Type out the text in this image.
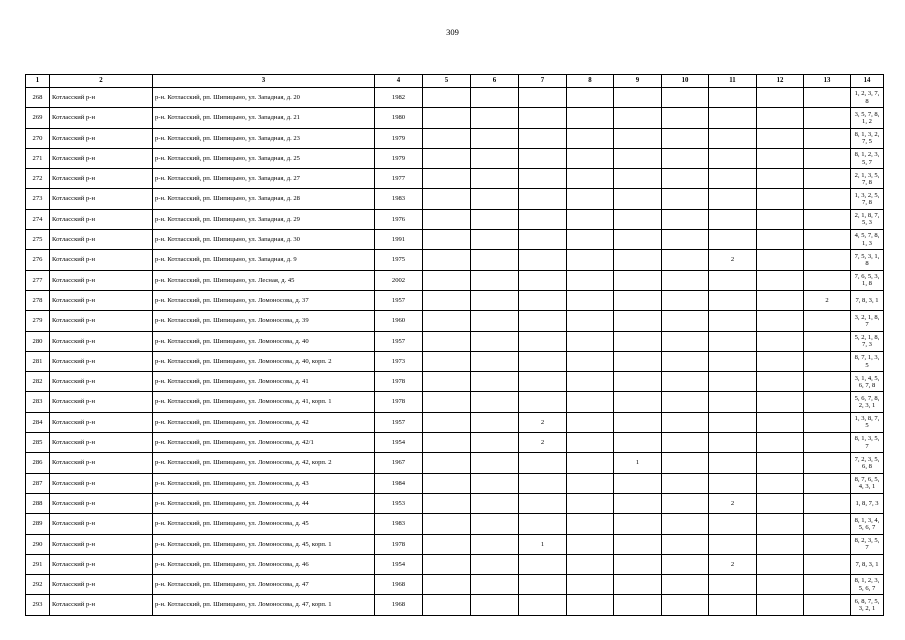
309
1	2	3	4	5	6	7	8	9	10	11	12	13	14
268	Котласский р-н	р-н. Котласский, рп. Шипицыно, ул. Западная, д. 20	1982										1, 2, 3, 7, 8
269	Котласский р-н	р-н. Котласский, рп. Шипицыно, ул. Западная, д. 21	1980										3, 5, 7, 8, 1, 2
270	Котласский р-н	р-н. Котласский, рп. Шипицыно, ул. Западная, д. 23	1979										8, 1, 3, 2, 7, 5
271	Котласский р-н	р-н. Котласский, рп. Шипицыно, ул. Западная, д. 25	1979										8, 1, 2, 3, 5, 7
272	Котласский р-н	р-н. Котласский, рп. Шипицыно, ул. Западная, д. 27	1977										2, 1, 3, 5, 7, 8
273	Котласский р-н	р-н. Котласский, рп. Шипицыно, ул. Западная, д. 28	1983										1, 3, 2, 5, 7, 8
274	Котласский р-н	р-н. Котласский, рп. Шипицыно, ул. Западная, д. 29	1976										2, 1, 8, 7, 5, 3
275	Котласский р-н	р-н. Котласский, рп. Шипицыно, ул. Западная, д. 30	1991										4, 5, 7, 8, 1, 3
276	Котласский р-н	р-н. Котласский, рп. Шипицыно, ул. Западная, д. 9	1975							2			7, 5, 3, 1, 8
277	Котласский р-н	р-н. Котласский, рп. Шипицыно, ул. Лесная, д. 45	2002										7, 6, 5, 3, 1, 8
278	Котласский р-н	р-н. Котласский, рп. Шипицыно, ул. Ломоносова, д. 37	1957									2	7, 8, 3, 1
279	Котласский р-н	р-н. Котласский, рп. Шипицыно, ул. Ломоносова, д. 39	1960										3, 2, 1, 8, 7
280	Котласский р-н	р-н. Котласский, рп. Шипицыно, ул. Ломоносова, д. 40	1957										5, 2, 1, 8, 7, 3
281	Котласский р-н	р-н. Котласский, рп. Шипицыно, ул. Ломоносова, д. 40, корп. 2	1973										8, 7, 1, 3, 5
282	Котласский р-н	р-н. Котласский, рп. Шипицыно, ул. Ломоносова, д. 41	1978										3, 1, 4, 5, 6, 7, 8
283	Котласский р-н	р-н. Котласский, рп. Шипицыно, ул. Ломоносова, д. 41, корп. 1	1978										5, 6, 7, 8, 2, 3, 1
284	Котласский р-н	р-н. Котласский, рп. Шипицыно, ул. Ломоносова, д. 42	1957			2							1, 3, 8, 7, 5
285	Котласский р-н	р-н. Котласский, рп. Шипицыно, ул. Ломоносова, д. 42/1	1954			2							8, 1, 3, 5, 7
286	Котласский р-н	р-н. Котласский, рп. Шипицыно, ул. Ломоносова, д. 42, корп. 2	1967					1					7, 2, 3, 5, 6, 8
287	Котласский р-н	р-н. Котласский, рп. Шипицыно, ул. Ломоносова, д. 43	1984										8, 7, 6, 5, 4, 3, 1
288	Котласский р-н	р-н. Котласский, рп. Шипицыно, ул. Ломоносова, д. 44	1953							2			1, 8, 7, 3
289	Котласский р-н	р-н. Котласский, рп. Шипицыно, ул. Ломоносова, д. 45	1983										8, 1, 3, 4, 5, 6, 7
290	Котласский р-н	р-н. Котласский, рп. Шипицыно, ул. Ломоносова, д. 45, корп. 1	1978			1							8, 2, 3, 5, 7
291	Котласский р-н	р-н. Котласский, рп. Шипицыно, ул. Ломоносова, д. 46	1954							2			7, 8, 3, 1
292	Котласский р-н	р-н. Котласский, рп. Шипицыно, ул. Ломоносова, д. 47	1968										8, 1, 2, 3, 5, 6, 7
293	Котласский р-н	р-н. Котласский, рп. Шипицыно, ул. Ломоносова, д. 47, корп. 1	1968										6, 8, 7, 5, 3, 2, 1
